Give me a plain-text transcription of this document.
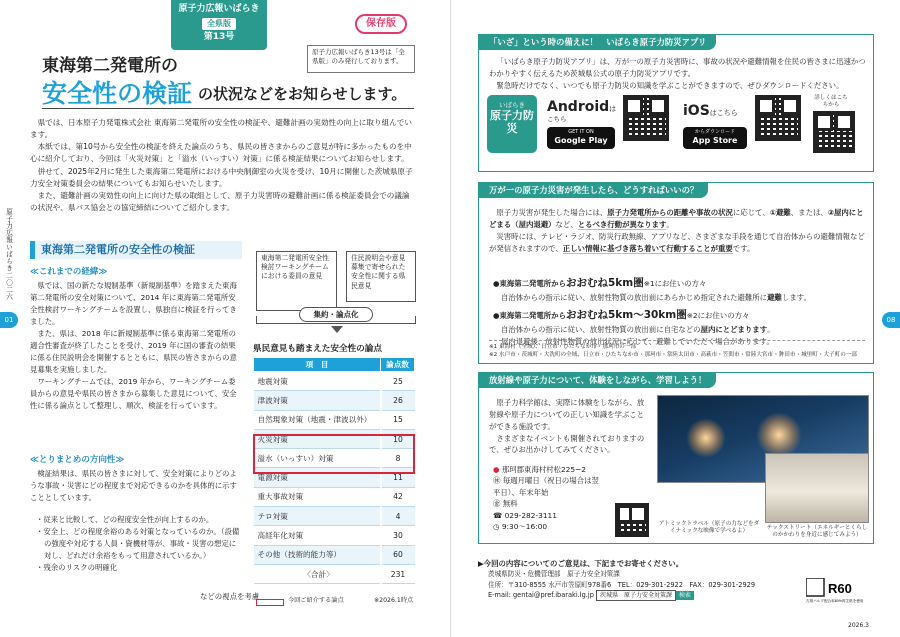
原子力広報いばらき
全県版
第13号
保存版
原子力広報いばらき13号は「全県版」のみ発行しております。
東海第二発電所の
安全性の検証 の状況などをお知らせします。

県では、日本原子力発電株式会社 東海第二発電所の安全性の検証や、避難計画の実効性の向上に取り組んでいます。

本紙では、第10号から安全性の検証を終えた論点のうち、県民の皆さまからのご意見が特に多かったものを中心に紹介しており、今回は「火災対策」と「溢水（いっすい）対策」に係る検証結果についてお知らせします。

併せて、2025年2月に発生した東海第二発電所における中央制御室の火災を受け、10月に開催した茨城県原子力安全対策委員会の結果についてもお知らせいたします。

また、避難計画の実効性の向上に向けた県の取組として、原子力災害時の避難計画に係る検証委員会での議論の状況や、県バス協会との協定締結についてご紹介します。

東海第二発電所の安全性の検証
≪これまでの経緯≫

県では、国の新たな規制基準（新規制基準）を踏まえた東海第二発電所の安全対策について、2014 年に東海第二発電所安全性検討ワーキングチームを設置し、県独自に検証を行ってきました。

また、県は、2018 年に新規制基準に係る東海第二発電所の適合性審査が終了したことを受け、2019 年に国の審査の結果に係る住民説明会を開催するとともに、県民の皆さまからの意見募集を実施しました。

ワーキングチームでは、2019 年から、ワーキングチーム委員からの意見や県民の皆さまから募集した意見について、安全性に係る論点として整理し、順次、検証を行っています。

≪とりまとめの方向性≫

検証結果は、県民の皆さまに対して、安全対策によりどのような事故・災害にどの程度まで対応できるのかを具体的に示すこととしています。

・従来と比較して、どの程度安全性が向上するのか。
・安全上、どの程度余裕のある対策となっているのか。（設備の強度や対応する人員・資機材等が、事故・災害の想定に対し、どれだけ余裕をもって用意されているか。）
・残余のリスクの明確化
などの視点を考慮
東海第二発電所安全性検討ワーキングチームにおける委員の意見
住民説明会や意見募集で寄せられた安全性に関する県民意見
集約・論点化
県民意見も踏まえた安全性の論点
項　目	論点数
地震対策	25
津波対策	26
自然現象対策（地震・津波以外）	15
火災対策	10
溢水（いっすい）対策	8
電源対策	11
重大事故対策	42
テロ対策	4
高経年化対策	30
その他（技術的能力等）	60
〈合計〉	231
今回ご紹介する論点	※2026.1時点
原子力広報いばらき二〇二六
01	08
「いざ」という時の備えに！　いばらき原子力防災アプリ

「いばらき原子力防災アプリ」は、万が一の原子力災害時に、事故の状況や避難情報を住民の皆さまに迅速かつわかりやすく伝えるため茨城県公式の原子力防災アプリです。

緊急時だけでなく、いつでも原子力防災の知識を学ぶことができますので、ぜひダウンロードください。

いばらき
原子力防災
Androidは
こちら
GET IT ON
Google Play
iOSはこちら
からダウンロード
App Store
詳しくはこちらから
万が一の原子力災害が発生したら、どうすればいいの？

原子力災害が発生した場合には、原子力発電所からの距離や事故の状況に応じて、①避難、または、②屋内にとどまる（屋内退避）など、とるべき行動が異なります。

災害時には、テレビ・ラジオ、防災行政無線、アプリなど、さまざまな手段を通じて自治体からの避難情報などが発信されますので、正しい情報に基づき落ち着いて行動することが重要です。

●東海第二発電所からおおむね5km圏※1にお住いの方々
自治体からの指示に従い、放射性物質の放出前にあらかじめ指定された避難所に避難します。
●東海第二発電所からおおむね5km〜30km圏※2にお住いの方々
自治体からの指示に従い、放射性物質の放出前に自宅などの屋内にとどまります。
屋内退避後、放射性物質の放出状況に応じて、避難していただく場合があります。
※1 東海村（全域）、日立市・ひたちなか市・那珂市の一部
※2 水戸市・茨城町・大洗町の全域、日立市・ひたちなか市・那珂市・常陸太田市・高萩市・笠間市・常陸大宮市・鉾田市・城里町・大子町の一部
放射線や原子力について、体験をしながら、学習しよう！

原子力科学館は、実際に体験をしながら、放射線や原子力についての正しい知識を学ぶことができる施設です。

さまざまなイベントも開催されておりますので、ぜひお出かけしてみてください。

● 那珂郡東海村村松225−2
㊡ 毎週月曜日（祝日の場合は翌平日）、年末年始
㊎ 無料
☎ 029-282-3111
◷ 9:30〜16:00	アトミックトラベル（原子の力などをダイナミックな映像で学べるよ）
テックストリート（エネルギーとくらしのかかわりを身近に感じてみよう）
▶今回の内容についてのご意見は、下記までお寄せください。
茨城県防災・危機管理部　原子力安全対策課
住所：〒310-8555 水戸市笠原町978番6　TEL：029-301-2922　FAX：029-301-2929
E-mail: gentai@pref.ibaraki.lg.jp 茨城県　原子力安全対策課 検索	R60
古紙パルプ配合率60%再生紙を使用
2026.3
